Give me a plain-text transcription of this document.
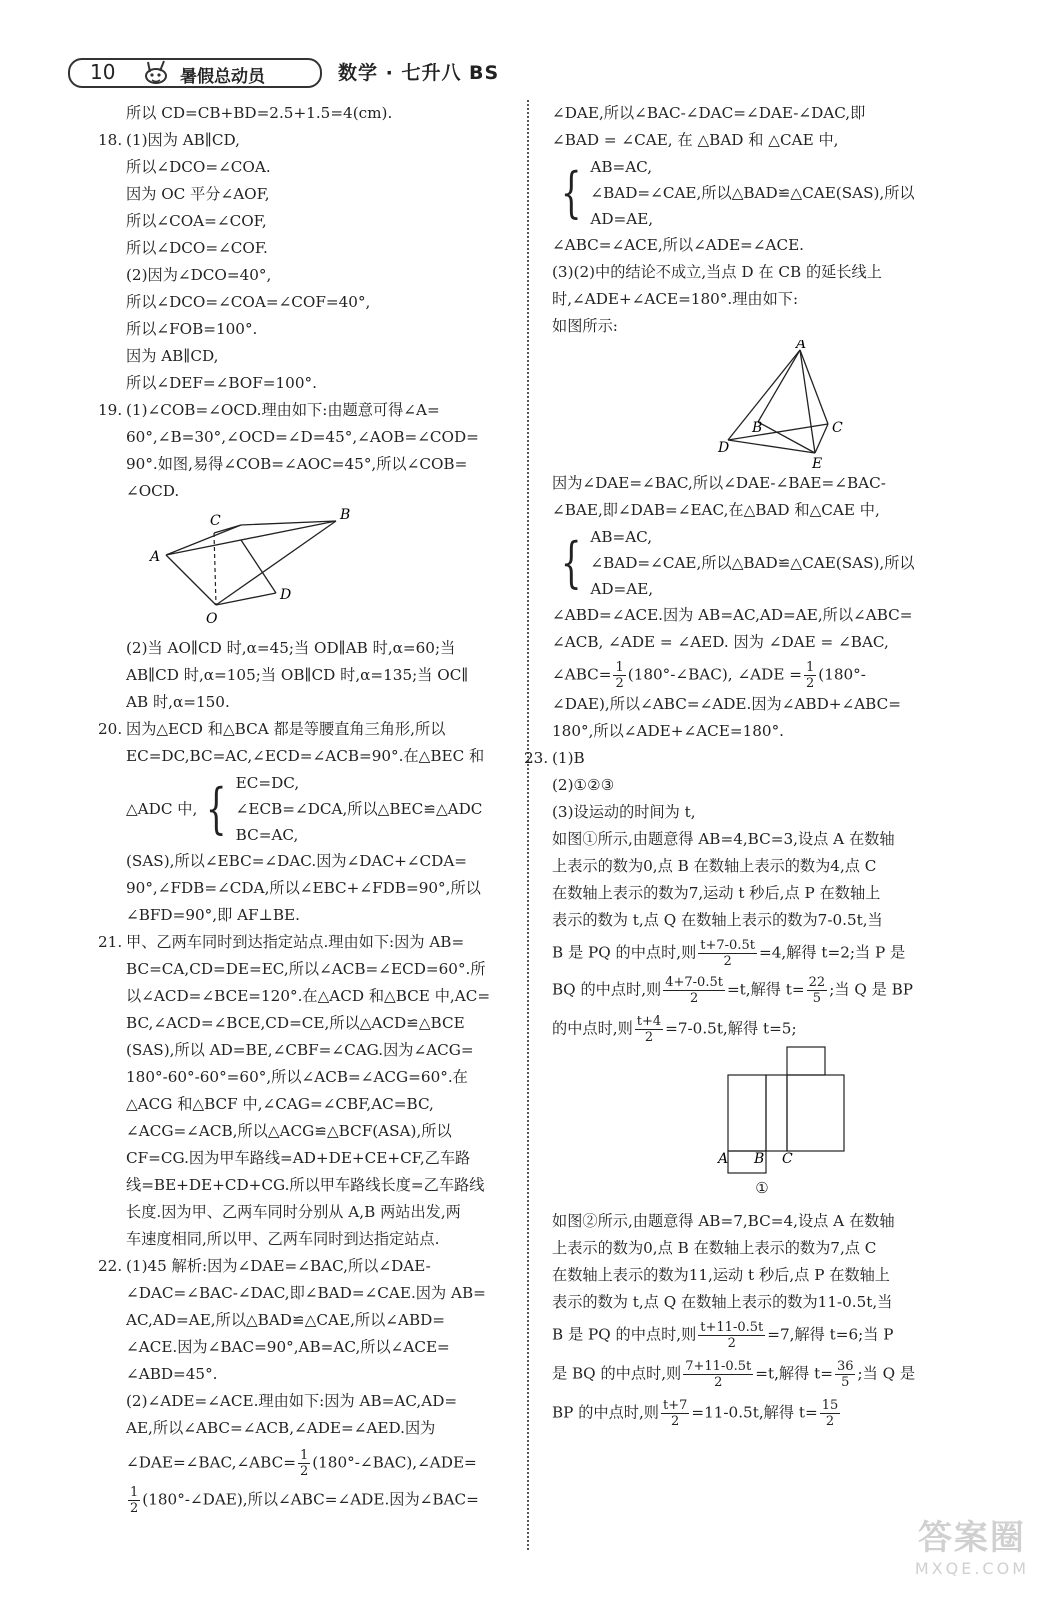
10	暑假总动员	数学 · 七升八 BS
所以 CD=CB+BD=2.5+1.5=4(cm).
18. (1)因为 AB∥CD,
所以∠DCO=∠COA.
因为 OC 平分∠AOF,
所以∠COA=∠COF,
所以∠DCO=∠COF.
(2)因为∠DCO=40°,
所以∠DCO=∠COA=∠COF=40°,
所以∠FOB=100°.
因为 AB∥CD,
所以∠DEF=∠BOF=100°.
19. (1)∠COB=∠OCD.理由如下:由题意可得∠A=
60°,∠B=30°,∠OCD=∠D=45°,∠AOB=∠COD=
90°.如图,易得∠COB=∠AOC=45°,所以∠COB=
∠OCD.
C	B
A
D
O
(2)当 AO∥CD 时,α=45;当 OD∥AB 时,α=60;当
AB∥CD 时,α=105;当 OB∥CD 时,α=135;当 OC∥
AB 时,α=150.
20. 因为△ECD 和△BCA 都是等腰直角三角形,所以
EC=DC,BC=AC,∠ECD=∠ACB=90°.在△BEC 和
△ADC 中, { EC=DC,
∠ECB=∠DCA,所以△BEC≌△ADC
BC=AC,
(SAS),所以∠EBC=∠DAC.因为∠DAC+∠CDA=
90°,∠FDB=∠CDA,所以∠EBC+∠FDB=90°,所以
∠BFD=90°,即 AF⊥BE.
21. 甲、乙两车同时到达指定站点.理由如下:因为 AB=
BC=CA,CD=DE=EC,所以∠ACB=∠ECD=60°.所
以∠ACD=∠BCE=120°.在△ACD 和△BCE 中,AC=
BC,∠ACD=∠BCE,CD=CE,所以△ACD≌△BCE
(SAS),所以 AD=BE,∠CBF=∠CAG.因为∠ACG=
180°-60°-60°=60°,所以∠ACB=∠ACG=60°.在
△ACG 和△BCF 中,∠CAG=∠CBF,AC=BC,
∠ACG=∠ACB,所以△ACG≌△BCF(ASA),所以
CF=CG.因为甲车路线=AD+DE+CE+CF,乙车路
线=BE+DE+CD+CG.所以甲车路线长度=乙车路线
长度.因为甲、乙两车同时分别从 A,B 两站出发,两
车速度相同,所以甲、乙两车同时到达指定站点.
22. (1)45 解析:因为∠DAE=∠BAC,所以∠DAE-
∠DAC=∠BAC-∠DAC,即∠BAD=∠CAE.因为 AB=
AC,AD=AE,所以△BAD≌△CAE,所以∠ABD=
∠ACE.因为∠BAC=90°,AB=AC,所以∠ACE=
∠ABD=45°.
(2)∠ADE=∠ACE.理由如下:因为 AB=AC,AD=
AE,所以∠ABC=∠ACB,∠ADE=∠AED.因为
∠DAE=∠BAC,∠ABC= $\frac{1}{2}$ (180°-∠BAC),∠ADE=
$\frac{1}{2}$ (180°-∠DAE),所以∠ABC=∠ADE.因为∠BAC=
∠DAE,所以∠BAC-∠DAC=∠DAE-∠DAC,即
∠BAD = ∠CAE, 在 △BAD 和 △CAE 中,
{ AB=AC,
∠BAD=∠CAE,所以△BAD≌△CAE(SAS),所以
AD=AE,
∠ABC=∠ACE,所以∠ADE=∠ACE.
(3)(2)中的结论不成立,当点 D 在 CB 的延长线上
时,∠ADE+∠ACE=180°.理由如下:
如图所示:
A
B	C
D
E
因为∠DAE=∠BAC,所以∠DAE-∠BAE=∠BAC-
∠BAE,即∠DAB=∠EAC,在△BAD 和△CAE 中,
{ AB=AC,
∠BAD=∠CAE,所以△BAD≌△CAE(SAS),所以
AD=AE,
∠ABD=∠ACE.因为 AB=AC,AD=AE,所以∠ABC=
∠ACB, ∠ADE = ∠AED. 因为 ∠DAE = ∠BAC,
∠ABC= $\frac{1}{2}$ (180°-∠BAC), ∠ADE = $\frac{1}{2} (180^\circ-$
∠DAE),所以∠ABC=∠ADE.因为∠ABD+∠ABC=
180°,所以∠ADE+∠ACE=180°.
23. (1)B
(2)①②③
(3)设运动的时间为 t,
如图①所示,由题意得 AB=4,BC=3,设点 A 在数轴
上表示的数为0,点 B 在数轴上表示的数为4,点 C
在数轴上表示的数为7,运动 t 秒后,点 P 在数轴上
表示的数为 t,点 Q 在数轴上表示的数为7-0.5t,当
B 是 PQ 的中点时,则 $\frac{t+7-0.5t}{2} =4$,解得 t=2;当 P 是
BQ 的中点时,则 $\frac{4+7-0.5t}{2} =t$,解得 $t= \frac{22}{5}$ ;当 Q 是 BP
的中点时,则 $\frac{t+4}{2} =7-0.5t$,解得 t=5;
A B C
①
如图②所示,由题意得 AB=7,BC=4,设点 A 在数轴
上表示的数为0,点 B 在数轴上表示的数为7,点 C
在数轴上表示的数为11,运动 t 秒后,点 P 在数轴上
表示的数为 t,点 Q 在数轴上表示的数为11-0.5t,当
B 是 PQ 的中点时,则 $\frac{t+11-0.5t}{2} =7$,解得 t=6;当 P
是 BQ 的中点时,则 $\frac{7+11-0.5t}{2} =t$,解得 $t= \frac{36}{5}$ ;当 Q 是
BP 的中点时,则 $\frac{t+7}{2} =11-0.5t$,解得 $t= \frac{15}{2}$
答案圈
MXQE.COM
